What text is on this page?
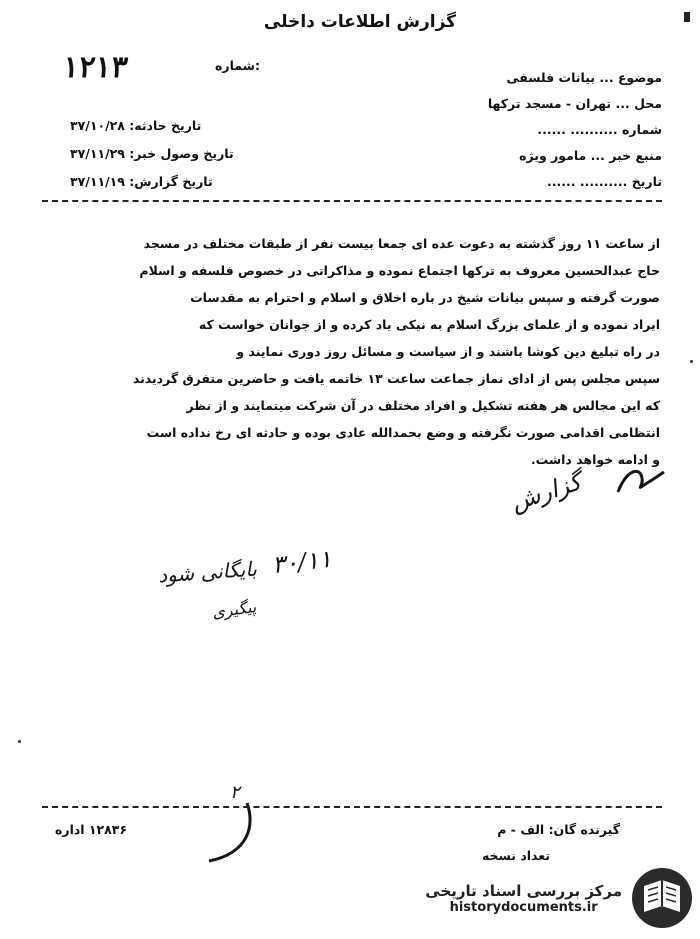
گزارش اطلاعات داخلی
۱۲۱۳	شماره:
موضوع ... بیانات فلسفی
محل ... تهران - مسجد ترکها
شماره .......... ......
منبع خبر ... مامور ویژه
تاریخ .......... ......
تاریخ حادثه: ۳۷/۱۰/۲۸
تاریخ وصول خبر: ۳۷/۱۱/۲۹
تاریخ گزارش: ۳۷/۱۱/۱۹

از ساعت ۱۱ روز گذشته به دعوت عده ای جمعا بیست نفر از طبقات مختلف در مسجد

حاج عبدالحسین معروف به ترکها اجتماع نموده و مذاکراتی در خصوص فلسفه و اسلام

صورت گرفته و سپس بیانات شیخ در باره اخلاق و اسلام و احترام به مقدسات

ایراد نموده و از علمای بزرگ اسلام به نیکی یاد کرده و از جوانان خواست که

در راه تبلیغ دین کوشا باشند و از سیاست و مسائل روز دوری نمایند و

سپس مجلس پس از ادای نماز جماعت ساعت ۱۳ خاتمه یافت و حاضرین متفرق گردیدند

که این مجالس هر هفته تشکیل و افراد مختلف در آن شرکت مینمایند و از نظر

انتظامی اقدامی صورت نگرفته و وضع بحمدالله عادی بوده و حادثه ای رخ نداده است

و ادامه خواهد داشت.

گزارش
بایگانی شود ۳۰/۱۱
پیگیری
۲
۱۲۸۳۶ اداره	گیرنده گان: الف - م
تعداد نسخه
مرکز بررسی اسناد تاریخی
historydocuments.ir
